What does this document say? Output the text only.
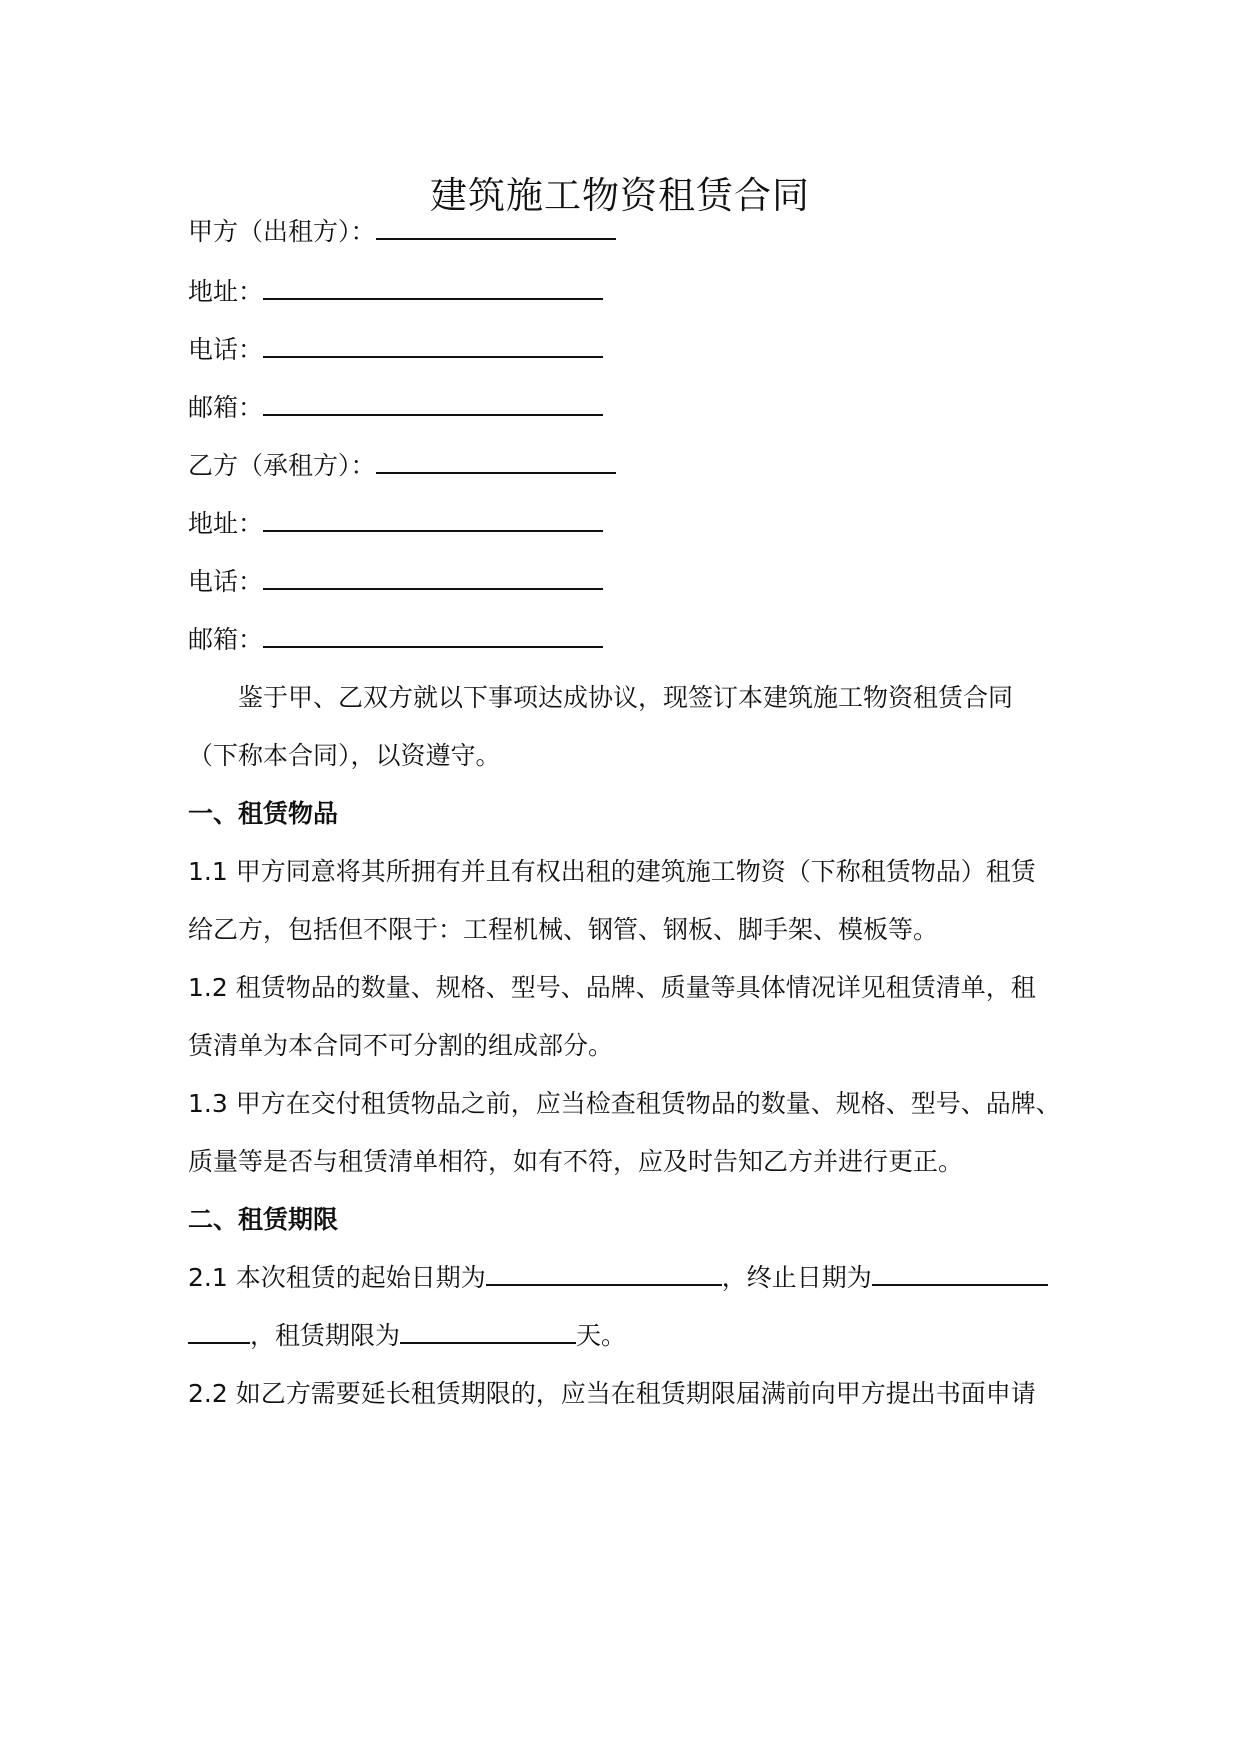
建筑施工物资租赁合同
甲方（出租方）：
地址：
电话：
邮箱：
乙方（承租方）：
地址：
电话：
邮箱：
鉴于甲、乙双方就以下事项达成协议，现签订本建筑施工物资租赁合同
（下称本合同），以资遵守。
一、租赁物品
1.1 甲方同意将其所拥有并且有权出租的建筑施工物资（下称租赁物品）租赁
给乙方，包括但不限于：工程机械、钢管、钢板、脚手架、模板等。
1.2 租赁物品的数量、规格、型号、品牌、质量等具体情况详见租赁清单，租
赁清单为本合同不可分割的组成部分。
1.3 甲方在交付租赁物品之前，应当检查租赁物品的数量、规格、型号、品牌、
质量等是否与租赁清单相符，如有不符，应及时告知乙方并进行更正。
二、租赁期限
2.1 本次租赁的起始日期为	，终止日期为
，租赁期限为	天。
2.2 如乙方需要延长租赁期限的，应当在租赁期限届满前向甲方提出书面申请
